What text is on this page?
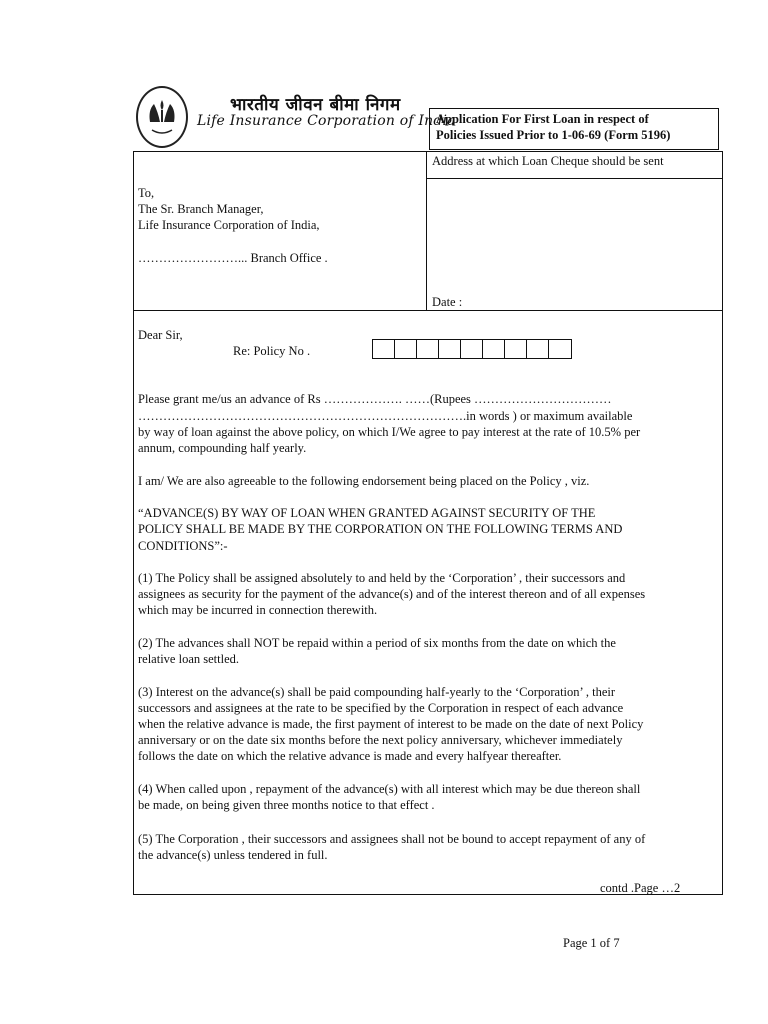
भारतीय जीवन बीमा निगम
Life Insurance Corporation of India
Application For First Loan in respect of
Policies Issued Prior to 1-06-69 (Form 5196)
Address at which Loan Cheque should be sent
To,
The Sr. Branch Manager,
Life Insurance Corporation of India,
……………………... Branch Office .
Date :
Dear Sir,
Re: Policy No .
Please grant me/us an advance of Rs ………………. ……(Rupees ……………………………
…………………………………………………………………….in words ) or maximum available
by way of loan against the above policy, on which I/We agree to pay interest at the rate of 10.5% per
annum, compounding half yearly.
I am/ We are also agreeable to the following endorsement being placed on the Policy , viz.
“ADVANCE(S) BY WAY OF LOAN WHEN GRANTED AGAINST SECURITY OF THE
POLICY SHALL BE MADE BY THE CORPORATION ON THE FOLLOWING TERMS AND
CONDITIONS”:-
(1) The Policy shall be assigned absolutely to and held by the ‘Corporation’ , their successors and
assignees as security for the payment of the advance(s) and of the interest thereon and of all expenses
which may be incurred in connection therewith.
(2) The advances shall NOT be repaid within a period of six months from the date on which the
relative loan settled.
(3) Interest on the advance(s) shall be paid compounding half-yearly to the ‘Corporation’ , their
successors and assignees at the rate to be specified by the Corporation in respect of each advance
when the relative advance is made, the first payment of interest to be made on the date of next Policy
anniversary or on the date six months before the next policy anniversary, whichever immediately
follows the date on which the relative advance is made and every halfyear thereafter.
(4) When called upon , repayment of the advance(s) with all interest which may be due thereon shall
be made, on being given three months notice to that effect .
(5) The Corporation , their successors and assignees shall not be bound to accept repayment of any of
the advance(s) unless tendered in full.
contd .Page …2
Page 1 of 7
